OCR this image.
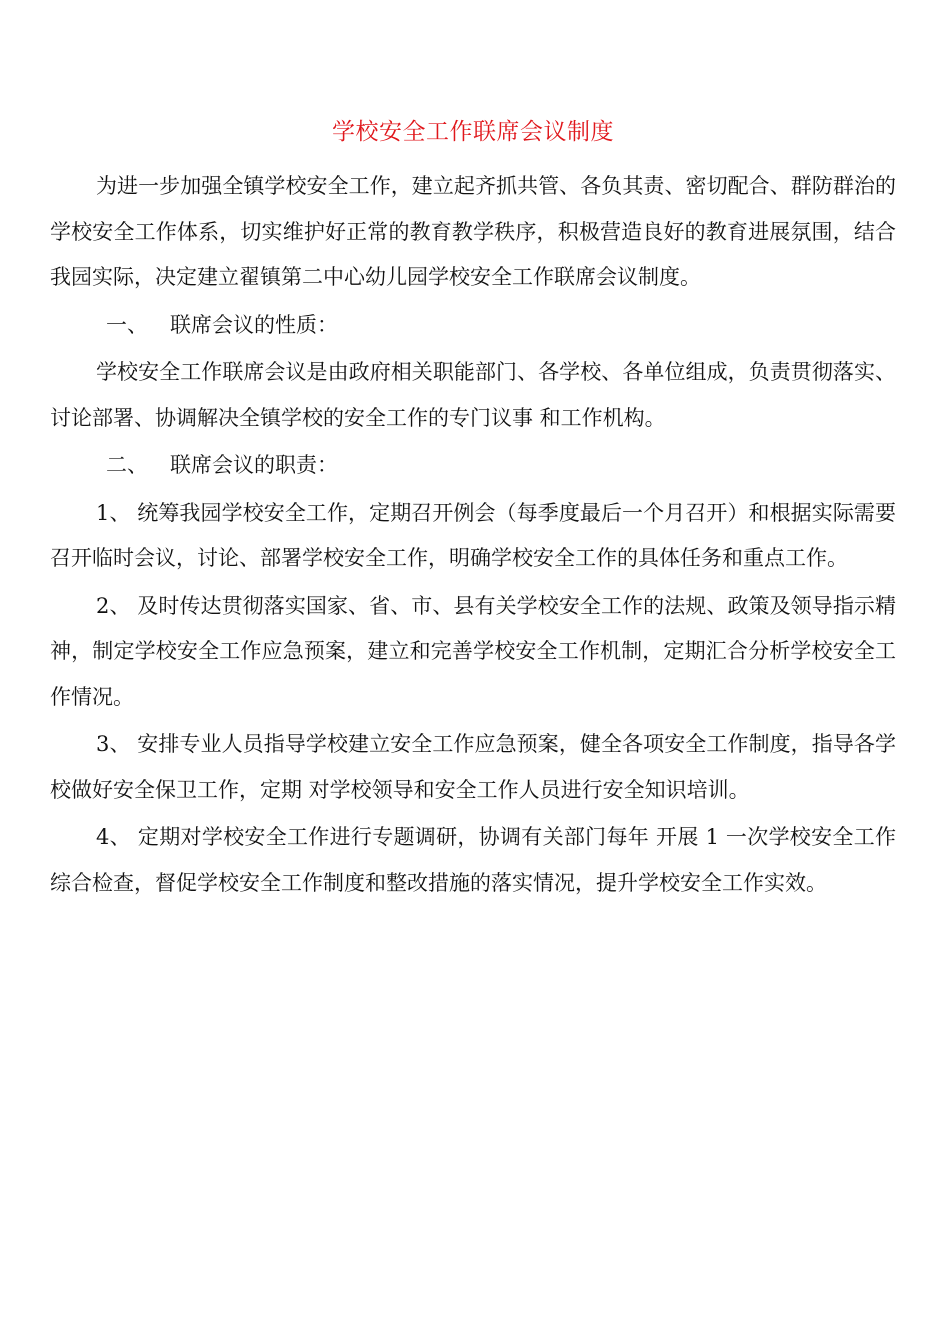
学校安全工作联席会议制度

为进一步加强全镇学校安全工作，建立起齐抓共管、各负其责、密切配合、群防群治的学校安全工作体系，切实维护好正常的教育教学秩序，积极营造良好的教育进展氛围，结合我园实际，决定建立翟镇第二中心幼儿园学校安全工作联席会议制度。

一、 联席会议的性质：

学校安全工作联席会议是由政府相关职能部门、各学校、各单位组成，负责贯彻落实、讨论部署、协调解决全镇学校的安全工作的专门议事 和工作机构。

二、 联席会议的职责：

1、 统筹我园学校安全工作，定期召开例会（每季度最后一个月召开）和根据实际需要召开临时会议，讨论、部署学校安全工作，明确学校安全工作的具体任务和重点工作。

2、 及时传达贯彻落实国家、省、市、县有关学校安全工作的法规、政策及领导指示精神，制定学校安全工作应急预案，建立和完善学校安全工作机制，定期汇合分析学校安全工作情况。

3、 安排专业人员指导学校建立安全工作应急预案，健全各项安全工作制度，指导各学校做好安全保卫工作，定期 对学校领导和安全工作人员进行安全知识培训。

4、 定期对学校安全工作进行专题调研，协调有关部门每年 开展 1 一次学校安全工作综合检查，督促学校安全工作制度和整改措施的落实情况，提升学校安全工作实效。
